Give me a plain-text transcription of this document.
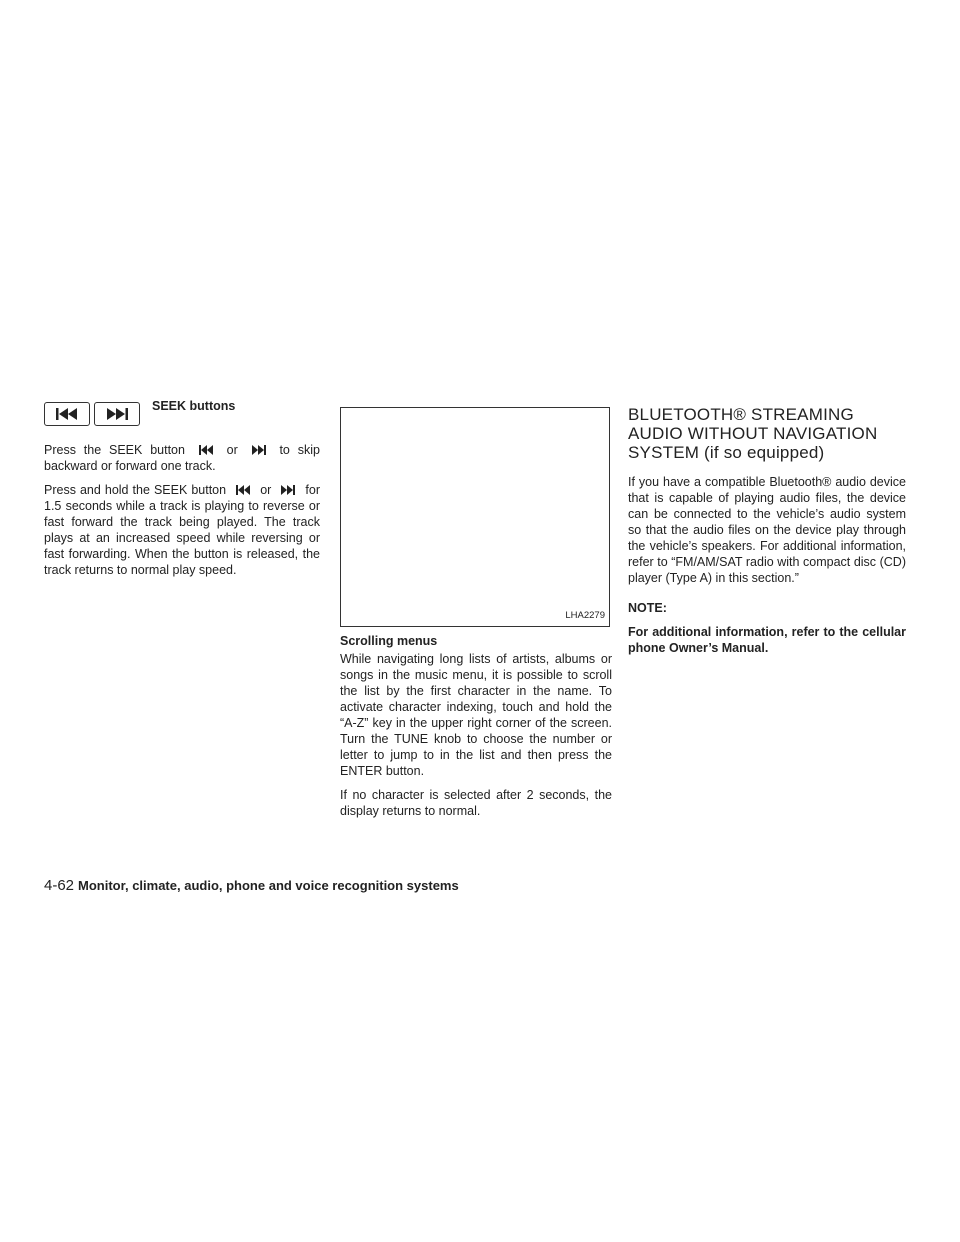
SEEK buttons

Press the SEEK button	or	to skip backward or forward one track.

Press and hold the SEEK button	or	for 1.5 seconds while a track is playing to reverse or fast forward the track being played. The track plays at an increased speed while reversing or fast forwarding. When the button is released, the track returns to normal play speed.

LHA2279
Scrolling menus

While navigating long lists of artists, albums or songs in the music menu, it is possible to scroll the list by the first character in the name. To activate character indexing, touch and hold the “A-Z” key in the upper right corner of the screen. Turn the TUNE knob to choose the number or letter to jump to in the list and then press the ENTER button.

If no character is selected after 2 seconds, the display returns to normal.

BLUETOOTH® STREAMING AUDIO WITHOUT NAVIGATION SYSTEM (if so equipped)

If you have a compatible Bluetooth® audio device that is capable of playing audio files, the device can be connected to the vehicle’s audio system so that the audio files on the device play through the vehicle’s speakers. For additional information, refer to “FM/AM/SAT radio with compact disc (CD) player (Type A) in this section.”

NOTE:
For additional information, refer to the cellular phone Owner’s Manual.
4-62 Monitor, climate, audio, phone and voice recognition systems
